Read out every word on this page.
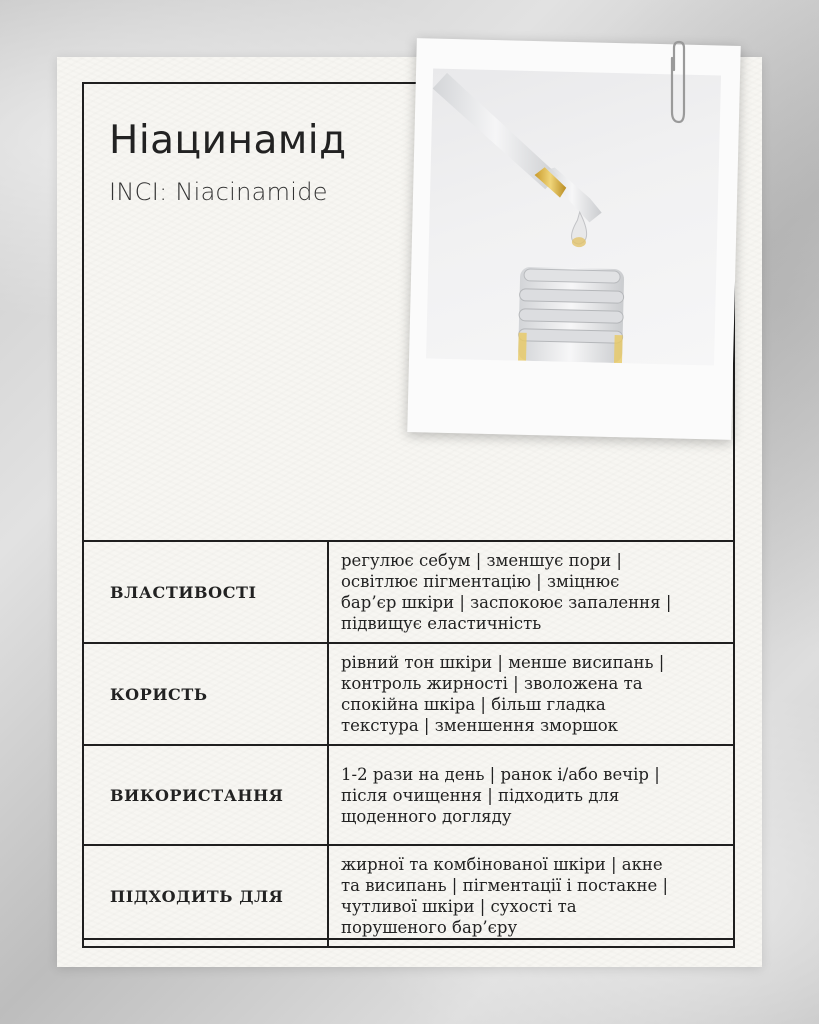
Ніацинамід

INCI: Niacinamide

ВЛАСТИВОСТІ	регулює себум | зменшує пори |
освітлює пігментацію | зміцнює
бар’єр шкіри | заспокоює запалення |
підвищує еластичність

КОРИСТЬ	рівний тон шкіри | менше висипань |
контроль жирності | зволожена та
спокійна шкіра | більш гладка
текстура | зменшення зморшок

ВИКОРИСТАННЯ	1-2 рази на день | ранок і/або вечір |
після очищення | підходить для
щоденного догляду

ПІДХОДИТЬ ДЛЯ	жирної та комбінованої шкіри | акне
та висипань | пігментації і постакне |
чутливої шкіри | сухості та
порушеного бар’єру
